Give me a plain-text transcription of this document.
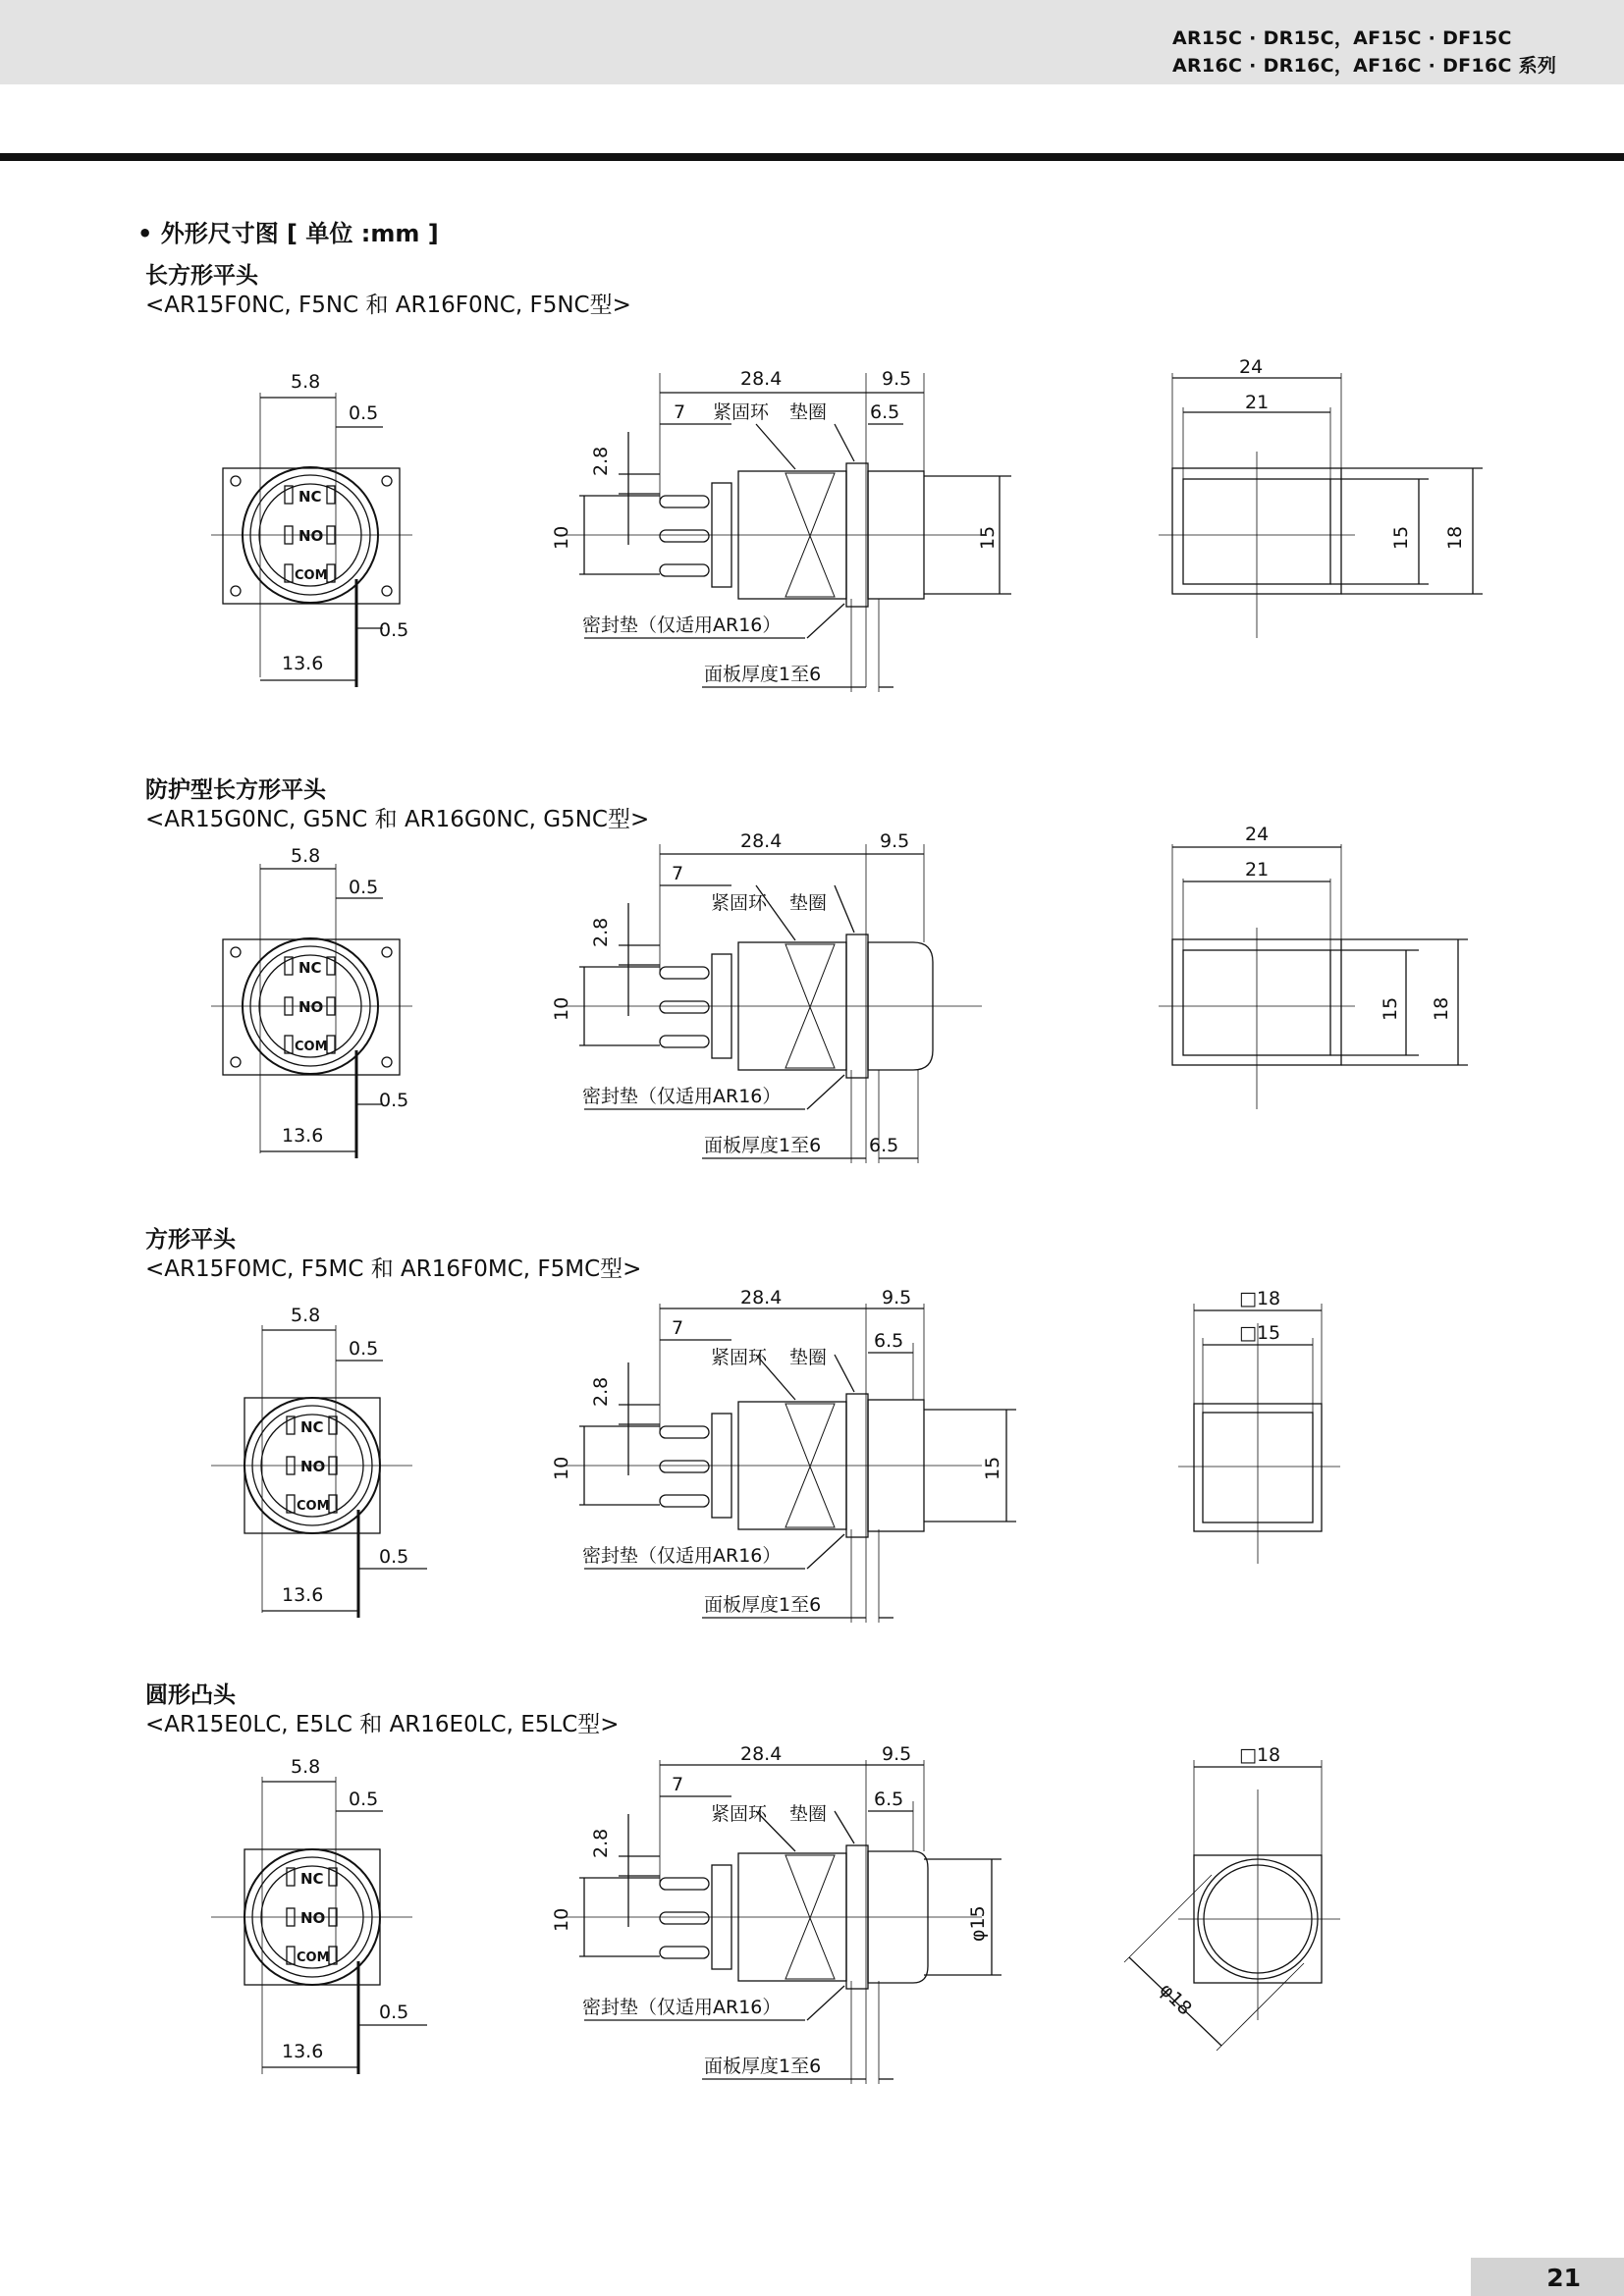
AR15C · DR15C，AF15C · DF15C
AR16C · DR16C，AF16C · DF16C 系列
• 外形尺寸图 [ 单位 :mm ]
长方形平头
<AR15F0NC, F5NC 和 AR16F0NC, F5NC型>
防护型长方形平头
<AR15G0NC, G5NC 和 AR16G0NC, G5NC型>
方形平头
<AR15F0MC, F5MC 和 AR16F0MC, F5MC型>
圆形凸头
<AR15E0LC, E5LC 和 AR16E0LC, E5LC型>
5.8
0.5
0.5
13.6
NC
NO
COM
28.4	9.5
7 紧固环 垫圈 6.5
2.8
10	15
密封垫（仅适用AR16）
面板厚度1至6
24
21
15 18
5.8
0.5
0.5
13.6
NC
NO
COM
28.4	9.5
7
紧固环 垫圈
2.8
10
密封垫（仅适用AR16）
面板厚度1至6	6.5
24
21
15 18
5.8
0.5
0.5
13.6
NC
NO
COM
28.4	9.5
7
紧固环 垫圈
6.5
2.8
10	15
密封垫（仅适用AR16）
面板厚度1至6
□18
□15
5.8
0.5
0.5
13.6
NC
NO
COM
28.4	9.5
7
紧固环 垫圈
6.5
2.8
10	φ15
密封垫（仅适用AR16）
面板厚度1至6
□18
φ18
21
